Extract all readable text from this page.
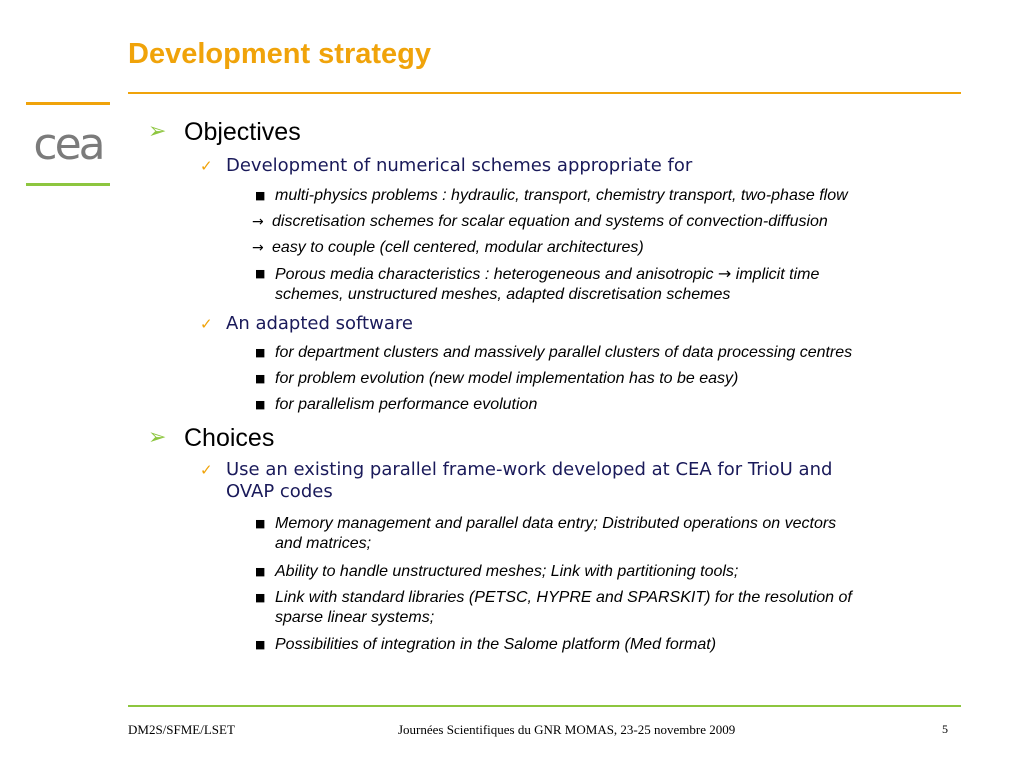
Development strategy
cea ➢ Objectives
✓ Development of numerical schemes appropriate for
■ multi-physics problems : hydraulic, transport, chemistry transport, two-phase flow
→ discretisation schemes for scalar equation and systems of convection-diffusion
→ easy to couple (cell centered, modular architectures)
■ Porous media characteristics : heterogeneous and anisotropic → implicit time
schemes, unstructured meshes, adapted discretisation schemes
✓ An adapted software
■ for department clusters and massively parallel clusters of data processing centres
■ for problem evolution (new model implementation has to be easy)
■ for parallelism performance evolution
➢ Choices
✓ Use an existing parallel frame-work developed at CEA for TrioU and
OVAP codes
■ Memory management and parallel data entry; Distributed operations on vectors
and matrices;
■ Ability to handle unstructured meshes; Link with partitioning tools;
■ Link with standard libraries (PETSC, HYPRE and SPARSKIT) for the resolution of
sparse linear systems;
■ Possibilities of integration in the Salome platform (Med format)
DM2S/SFME/LSET	Journées Scientifiques du GNR MOMAS, 23-25 novembre 2009	5
